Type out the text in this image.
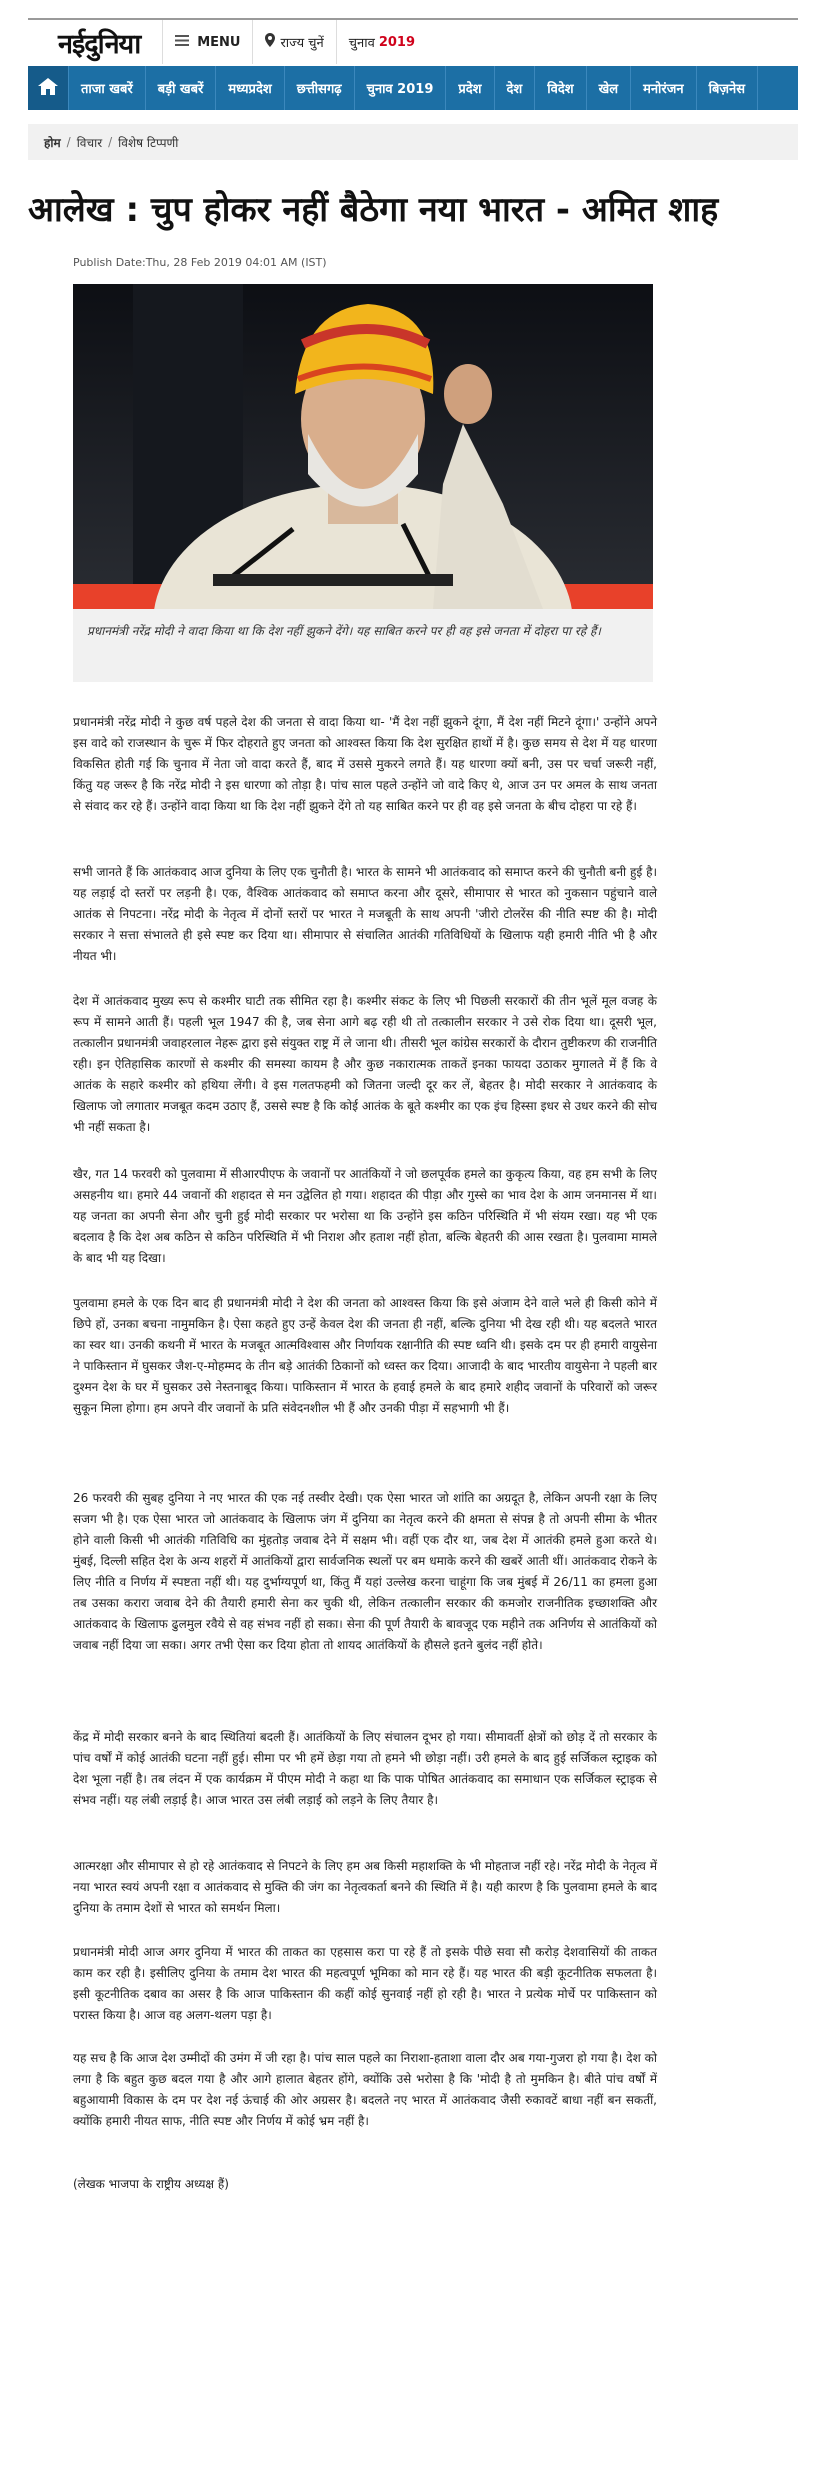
नईदुनिया	MENU	राज्य चुनें चुनाव 2019
ताजा खबरें	बड़ी खबरें	मध्यप्रदेश	छत्तीसगढ़	चुनाव 2019	प्रदेश	देश	विदेश	खेल	मनोरंजन	बिज़नेस
होम / विचार / विशेष टिप्पणी
आलेख : चुप होकर नहीं बैठेगा नया भारत - अमित शाह
Publish Date:Thu, 28 Feb 2019 04:01 AM (IST)
प्रधानमंत्री नरेंद्र मोदी ने वादा किया था कि देश नहीं झुकने देंगे। यह साबित करने पर ही वह इसे जनता में दोहरा पा रहे हैं।

प्रधानमंत्री नरेंद्र मोदी ने कुछ वर्ष पहले देश की जनता से वादा किया था- 'मैं देश नहीं झुकने दूंगा, मैं देश नहीं मिटने दूंगा।' उन्होंने अपने इस वादे को राजस्थान के चुरू में फिर दोहराते हुए जनता को आश्वस्त किया कि देश सुरक्षित हाथों में है। कुछ समय से देश में यह धारणा विकसित होती गई कि चुनाव में नेता जो वादा करते हैं, बाद में उससे मुकरने लगते हैं। यह धारणा क्यों बनी, उस पर चर्चा जरूरी नहीं, किंतु यह जरूर है कि नरेंद्र मोदी ने इस धारणा को तोड़ा है। पांच साल पहले उन्होंने जो वादे किए थे, आज उन पर अमल के साथ जनता से संवाद कर रहे हैं। उन्होंने वादा किया था कि देश नहीं झुकने देंगे तो यह साबित करने पर ही वह इसे जनता के बीच दोहरा पा रहे हैं।

सभी जानते हैं कि आतंकवाद आज दुनिया के लिए एक चुनौती है। भारत के सामने भी आतंकवाद को समाप्त करने की चुनौती बनी हुई है। यह लड़ाई दो स्तरों पर लड़नी है। एक, वैश्विक आतंकवाद को समाप्त करना और दूसरे, सीमापार से भारत को नुकसान पहुंचाने वाले आतंक से निपटना। नरेंद्र मोदी के नेतृत्व में दोनों स्तरों पर भारत ने मजबूती के साथ अपनी 'जीरो टोलरेंस की नीति स्पष्ट की है। मोदी सरकार ने सत्ता संभालते ही इसे स्पष्ट कर दिया था। सीमापार से संचालित आतंकी गतिविधियों के खिलाफ यही हमारी नीति भी है और नीयत भी।

देश में आतंकवाद मुख्य रूप से कश्मीर घाटी तक सीमित रहा है। कश्मीर संकट के लिए भी पिछली सरकारों की तीन भूलें मूल वजह के रूप में सामने आती हैं। पहली भूल 1947 की है, जब सेना आगे बढ़ रही थी तो तत्कालीन सरकार ने उसे रोक दिया था। दूसरी भूल, तत्कालीन प्रधानमंत्री जवाहरलाल नेहरू द्वारा इसे संयुक्त राष्ट्र में ले जाना थी। तीसरी भूल कांग्रेस सरकारों के दौरान तुष्टीकरण की राजनीति रही। इन ऐतिहासिक कारणों से कश्मीर की समस्या कायम है और कुछ नकारात्मक ताकतें इनका फायदा उठाकर मुगालते में हैं कि वे आतंक के सहारे कश्मीर को हथिया लेंगी। वे इस गलतफहमी को जितना जल्दी दूर कर लें, बेहतर है। मोदी सरकार ने आतंकवाद के खिलाफ जो लगातार मजबूत कदम उठाए हैं, उससे स्पष्ट है कि कोई आतंक के बूते कश्मीर का एक इंच हिस्सा इधर से उधर करने की सोच भी नहीं सकता है।

खैर, गत 14 फरवरी को पुलवामा में सीआरपीएफ के जवानों पर आतंकियों ने जो छलपूर्वक हमले का कुकृत्य किया, वह हम सभी के लिए असहनीय था। हमारे 44 जवानों की शहादत से मन उद्वेलित हो गया। शहादत की पीड़ा और गुस्से का भाव देश के आम जनमानस में था। यह जनता का अपनी सेना और चुनी हुई मोदी सरकार पर भरोसा था कि उन्होंने इस कठिन परिस्थिति में भी संयम रखा। यह भी एक बदलाव है कि देश अब कठिन से कठिन परिस्थिति में भी निराश और हताश नहीं होता, बल्कि बेहतरी की आस रखता है। पुलवामा मामले के बाद भी यह दिखा।

पुलवामा हमले के एक दिन बाद ही प्रधानमंत्री मोदी ने देश की जनता को आश्वस्त किया कि इसे अंजाम देने वाले भले ही किसी कोने में छिपे हों, उनका बचना नामुमकिन है। ऐसा कहते हुए उन्हें केवल देश की जनता ही नहीं, बल्कि दुनिया भी देख रही थी। यह बदलते भारत का स्वर था। उनकी कथनी में भारत के मजबूत आत्मविश्वास और निर्णायक रक्षानीति की स्पष्ट ध्वनि थी। इसके दम पर ही हमारी वायुसेना ने पाकिस्तान में घुसकर जैश-ए-मोहम्मद के तीन बड़े आतंकी ठिकानों को ध्वस्त कर दिया। आजादी के बाद भारतीय वायुसेना ने पहली बार दुश्मन देश के घर में घुसकर उसे नेस्तनाबूद किया। पाकिस्तान में भारत के हवाई हमले के बाद हमारे शहीद जवानों के परिवारों को जरूर सुकून मिला होगा। हम अपने वीर जवानों के प्रति संवेदनशील भी हैं और उनकी पीड़ा में सहभागी भी हैं।

26 फरवरी की सुबह दुनिया ने नए भारत की एक नई तस्वीर देखी। एक ऐसा भारत जो शांति का अग्रदूत है, लेकिन अपनी रक्षा के लिए सजग भी है। एक ऐसा भारत जो आतंकवाद के खिलाफ जंग में दुनिया का नेतृत्व करने की क्षमता से संपन्न है तो अपनी सीमा के भीतर होने वाली किसी भी आतंकी गतिविधि का मुंहतोड़ जवाब देने में सक्षम भी। वहीं एक दौर था, जब देश में आतंकी हमले हुआ करते थे। मुंबई, दिल्ली सहित देश के अन्य शहरों में आतंकियों द्वारा सार्वजनिक स्थलों पर बम धमाके करने की खबरें आती थीं। आतंकवाद रोकने के लिए नीति व निर्णय में स्पष्टता नहीं थी। यह दुर्भाग्यपूर्ण था, किंतु मैं यहां उल्लेख करना चाहूंगा कि जब मुंबई में 26/11 का हमला हुआ तब उसका करारा जवाब देने की तैयारी हमारी सेना कर चुकी थी, लेकिन तत्कालीन सरकार की कमजोर राजनीतिक इच्छाशक्ति और आतंकवाद के खिलाफ ढुलमुल रवैये से वह संभव नहीं हो सका। सेना की पूर्ण तैयारी के बावजूद एक महीने तक अनिर्णय से आतंकियों को जवाब नहीं दिया जा सका। अगर तभी ऐसा कर दिया होता तो शायद आतंकियों के हौसले इतने बुलंद नहीं होते।

केंद्र में मोदी सरकार बनने के बाद स्थितियां बदली हैं। आतंकियों के लिए संचालन दूभर हो गया। सीमावर्ती क्षेत्रों को छोड़ दें तो सरकार के पांच वर्षों में कोई आतंकी घटना नहीं हुई। सीमा पर भी हमें छेड़ा गया तो हमने भी छोड़ा नहीं। उरी हमले के बाद हुई सर्जिकल स्ट्राइक को देश भूला नहीं है। तब लंदन में एक कार्यक्रम में पीएम मोदी ने कहा था कि पाक पोषित आतंकवाद का समाधान एक सर्जिकल स्ट्राइक से संभव नहीं। यह लंबी लड़ाई है। आज भारत उस लंबी लड़ाई को लड़ने के लिए तैयार है।

आत्मरक्षा और सीमापार से हो रहे आतंकवाद से निपटने के लिए हम अब किसी महाशक्ति के भी मोहताज नहीं रहे। नरेंद्र मोदी के नेतृत्व में नया भारत स्वयं अपनी रक्षा व आतंकवाद से मुक्ति की जंग का नेतृत्वकर्ता बनने की स्थिति में है। यही कारण है कि पुलवामा हमले के बाद दुनिया के तमाम देशों से भारत को समर्थन मिला।

प्रधानमंत्री मोदी आज अगर दुनिया में भारत की ताकत का एहसास करा पा रहे हैं तो इसके पीछे सवा सौ करोड़ देशवासियों की ताकत काम कर रही है। इसीलिए दुनिया के तमाम देश भारत की महत्वपूर्ण भूमिका को मान रहे हैं। यह भारत की बड़ी कूटनीतिक सफलता है। इसी कूटनीतिक दबाव का असर है कि आज पाकिस्तान की कहीं कोई सुनवाई नहीं हो रही है। भारत ने प्रत्येक मोर्चे पर पाकिस्तान को परास्त किया है। आज वह अलग-थलग पड़ा है।

यह सच है कि आज देश उम्मीदों की उमंग में जी रहा है। पांच साल पहले का निराशा-हताशा वाला दौर अब गया-गुजरा हो गया है। देश को लगा है कि बहुत कुछ बदल गया है और आगे हालात बेहतर होंगे, क्योंकि उसे भरोसा है कि 'मोदी है तो मुमकिन है। बीते पांच वर्षों में बहुआयामी विकास के दम पर देश नई ऊंचाई की ओर अग्रसर है। बदलते नए भारत में आतंकवाद जैसी रुकावटें बाधा नहीं बन सकतीं, क्योंकि हमारी नीयत साफ, नीति स्पष्ट और निर्णय में कोई भ्रम नहीं है।

(लेखक भाजपा के राष्ट्रीय अध्यक्ष हैं)
